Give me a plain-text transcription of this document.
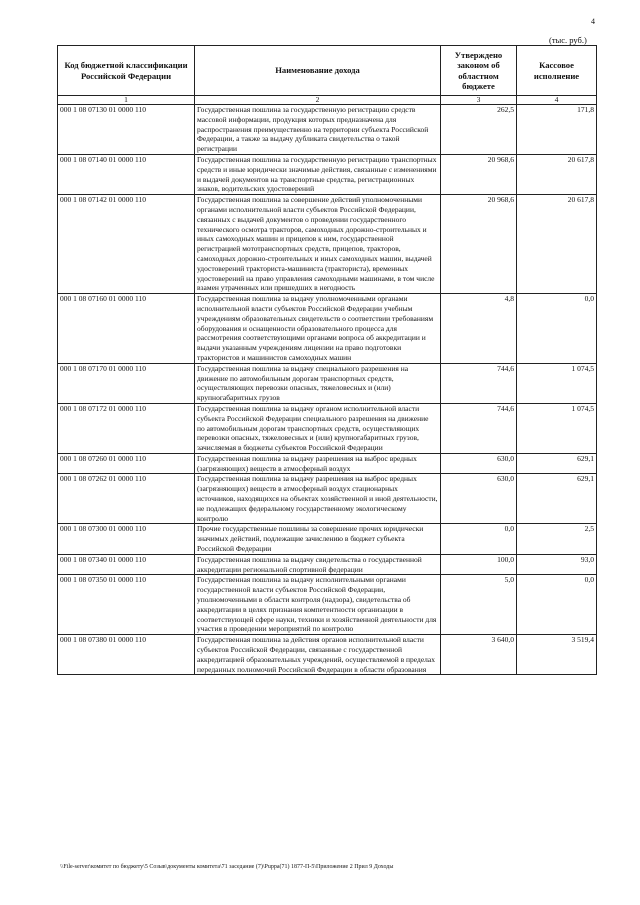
4
(тыс. руб.)
Код бюджетной классификации Российской Федерации	Наименование дохода	Утверждено законом об областном бюджете	Кассовое исполнение
1	2	3	4
000 1 08 07130 01 0000 110	Государственная пошлина за государственную регистрацию средств массовой информации, продукция которых предназначена для распространения преимущественно на территории субъекта Российской Федерации, а также за выдачу дубликата свидетельства о такой регистрации	262,5	171,8
000 1 08 07140 01 0000 110	Государственная пошлина за государственную регистрацию транспортных средств и иные юридически значимые действия, связанные с изменениями и выдачей документов на транспортные средства, регистрационных знаков, водительских удостоверений	20 968,6	20 617,8
000 1 08 07142 01 0000 110	Государственная пошлина за совершение действий уполномоченными органами исполнительной власти субъектов Российской Федерации, связанных с выдачей документов о проведении государственного технического осмотра тракторов, самоходных дорожно-строительных и иных самоходных машин и прицепов к ним, государственной регистрацией мототранспортных средств, прицепов, тракторов, самоходных дорожно-строительных и иных самоходных машин, выдачей удостоверений тракториста-машиниста (тракториста), временных удостоверений на право управления самоходными машинами, в том числе взамен утраченных или пришедших в негодность	20 968,6	20 617,8
000 1 08 07160 01 0000 110	Государственная пошлина за выдачу уполномоченными органами исполнительной власти субъектов Российской Федерации учебным учреждениям образовательных свидетельств о соответствии требованиям оборудования и оснащенности образовательного процесса для рассмотрения соответствующими органами вопроса об аккредитации и выдачи указанным учреждениям лицензии на право подготовки трактористов и машинистов самоходных машин	4,8	0,0
000 1 08 07170 01 0000 110	Государственная пошлина за выдачу специального разрешения на движение по автомобильным дорогам транспортных средств, осуществляющих перевозки опасных, тяжеловесных и (или) крупногабаритных грузов	744,6	1 074,5
000 1 08 07172 01 0000 110	Государственная пошлина за выдачу органом исполнительной власти субъекта Российской Федерации специального разрешения на движение по автомобильным дорогам транспортных средств, осуществляющих перевозки опасных, тяжеловесных и (или) крупногабаритных грузов, зачисляемая в бюджеты субъектов Российской Федерации	744,6	1 074,5
000 1 08 07260 01 0000 110	Государственная пошлина за выдачу разрешения на выброс вредных (загрязняющих) веществ в атмосферный воздух	630,0	629,1
000 1 08 07262 01 0000 110	Государственная пошлина за выдачу разрешения на выброс вредных (загрязняющих) веществ в атмосферный воздух стационарных источников, находящихся на объектах хозяйственной и иной деятельности, не подлежащих федеральному государственному экологическому контролю	630,0	629,1
000 1 08 07300 01 0000 110	Прочие государственные пошлины за совершение прочих юридически значимых действий, подлежащие зачислению в бюджет субъекта Российской Федерации	0,0	2,5
000 1 08 07340 01 0000 110	Государственная пошлина за выдачу свидетельства о государственной аккредитации региональной спортивной федерации	100,0	93,0
000 1 08 07350 01 0000 110	Государственная пошлина за выдачу исполнительными органами государственной власти субъектов Российской Федерации, уполномоченными в области контроля (надзора), свидетельства об аккредитации в целях признания компетентности организации в соответствующей сфере науки, техники и хозяйственной деятельности для участия в проведении мероприятий по контролю	5,0	0,0
000 1 08 07380 01 0000 110	Государственная пошлина за действия органов исполнительной власти субъектов Российской Федерации, связанные с государственной аккредитацией образовательных учреждений, осуществляемой в пределах переданных полномочий Российской Федерации в области образования	3 640,0	3 519,4
\\File-server\комитет по бюджету\5 Созыв\документы комитета\71 заседание (7)\Рuppa(71) 1877-П-5\Приложение 2 Прил 9 Доходы
